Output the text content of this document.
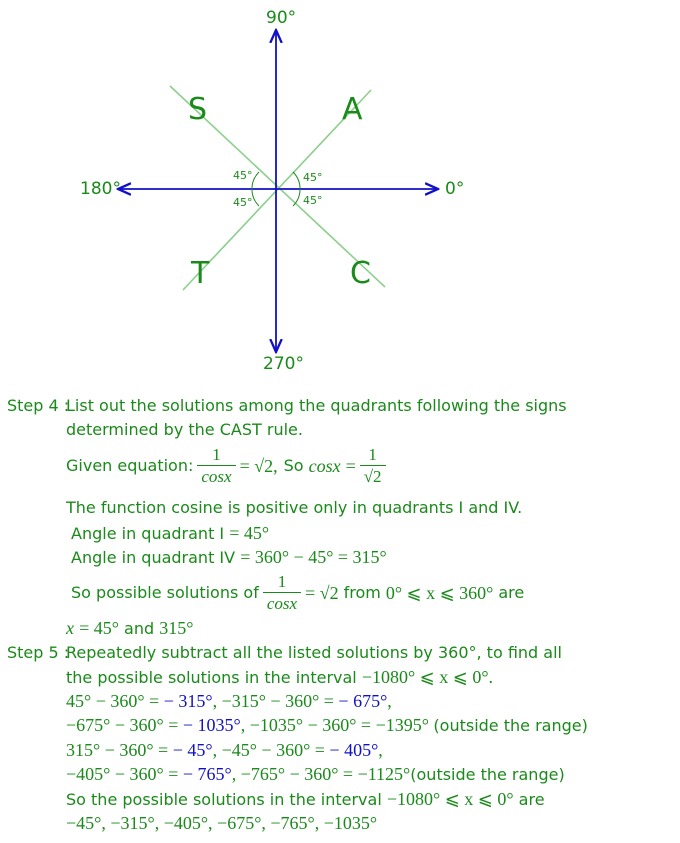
90°
180°	0°
270°
S	A
T	C
45°	45°
45°	45°
Step 4 :
List out the solutions among the quadrants following the signs
determined by the CAST rule.
Given equation: $\frac{1}{\cos x} = √2$, So $\cos x = \frac{1}{√2}$
The function cosine is positive only in quadrants I and IV.
Angle in quadrant I = 45°
Angle in quadrant IV = 360° − 45° = 315°
So possible solutions of $\frac{1}{\cos x} = √2$ from 0° ⩽ x ⩽ 360° are
x = 45° and 315°
Step 5 :
Repeatedly subtract all the listed solutions by 360°, to find all
the possible solutions in the interval −1080° ⩽ x ⩽ 0°.
45° − 360° = − 315°, −315° − 360° = − 675°,
−675° − 360° = − 1035°, −1035° − 360° = −1395° (outside the range)
315° − 360° = − 45°, −45° − 360° = − 405°,
−405° − 360° = − 765°, −765° − 360° = −1125°(outside the range)
So the possible solutions in the interval −1080° ⩽ x ⩽ 0° are
−45°, −315°, −405°, −675°, −765°, −1035°
